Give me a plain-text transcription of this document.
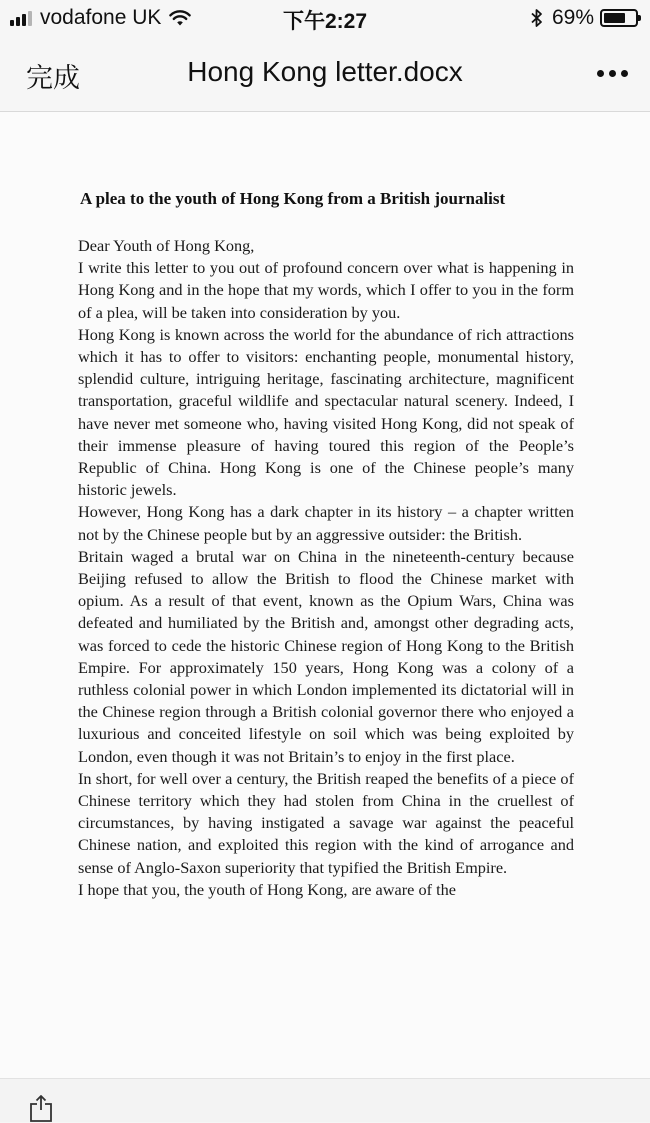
vodafone UK	下午2:27	69%
完成	Hong Kong letter.docx
A plea to the youth of Hong Kong from a British journalist

Dear Youth of Hong Kong,

I write this letter to you out of profound concern over what is happening in Hong Kong and in the hope that my words, which I offer to you in the form of a plea, will be taken into consideration by you.

Hong Kong is known across the world for the abundance of rich attractions which it has to offer to visitors: enchanting people, monumental history, splendid culture, intriguing heritage, fascinating architecture, magnificent transportation, graceful wildlife and spectacular natural scenery. Indeed, I have never met someone who, having visited Hong Kong, did not speak of their immense pleasure of having toured this region of the People’s Republic of China. Hong Kong is one of the Chinese people’s many historic jewels.

However, Hong Kong has a dark chapter in its history – a chapter written not by the Chinese people but by an aggressive outsider: the British.

Britain waged a brutal war on China in the nineteenth-century because Beijing refused to allow the British to flood the Chinese market with opium. As a result of that event, known as the Opium Wars, China was defeated and humiliated by the British and, amongst other degrading acts, was forced to cede the historic Chinese region of Hong Kong to the British Empire. For approximately 150 years, Hong Kong was a colony of a ruthless colonial power in which London implemented its dictatorial will in the Chinese region through a British colonial governor there who enjoyed a luxurious and conceited lifestyle on soil which was being exploited by London, even though it was not Britain’s to enjoy in the first place.

In short, for well over a century, the British reaped the benefits of a piece of Chinese territory which they had stolen from China in the cruellest of circumstances, by having instigated a savage war against the peaceful Chinese nation, and exploited this region with the kind of arrogance and sense of Anglo-Saxon superiority that typified the British Empire.

I hope that you, the youth of Hong Kong, are aware of the
